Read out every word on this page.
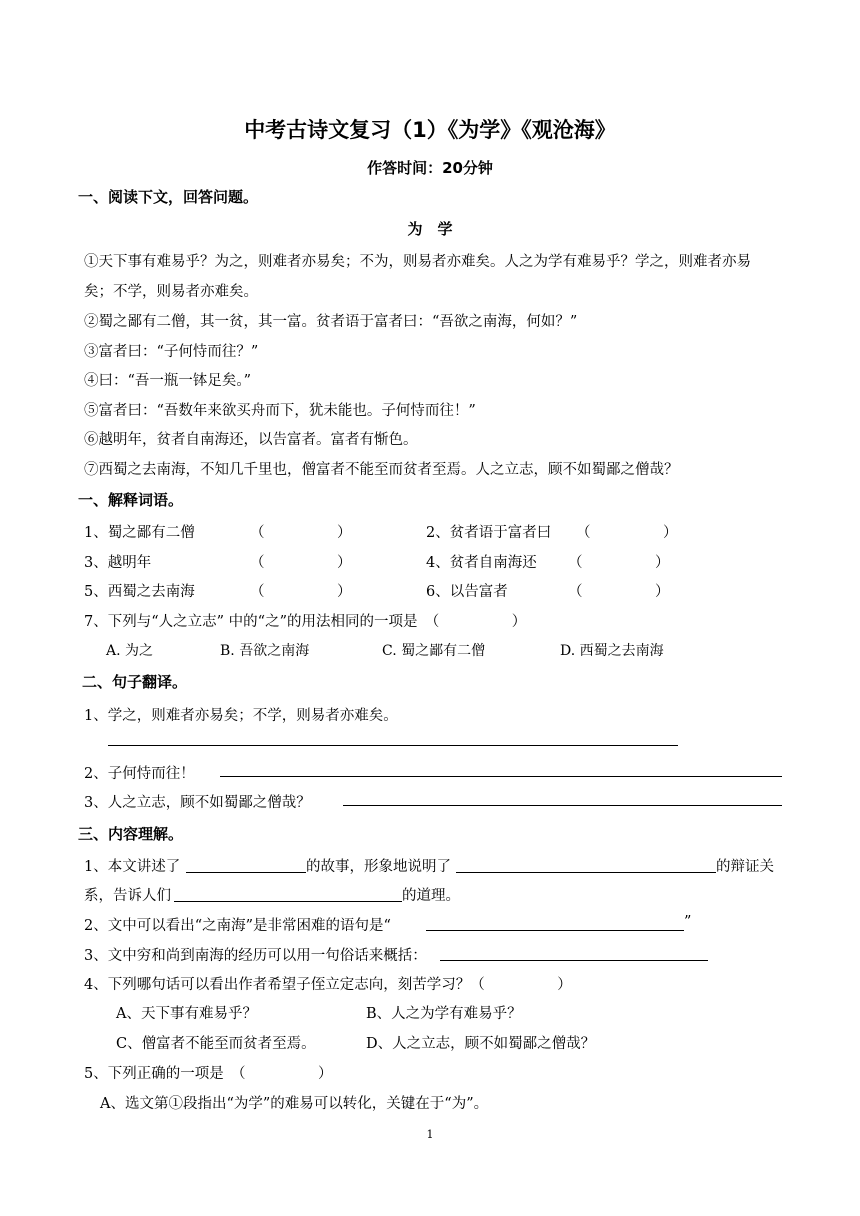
中考古诗文复习（1）《为学》《观沧海》
作答时间：20分钟
一、阅读下文，回答问题。
为　学
①天下事有难易乎？为之，则难者亦易矣；不为，则易者亦难矣。人之为学有难易乎？学之，则难者亦易
矣；不学，则易者亦难矣。
②蜀之鄙有二僧，其一贫，其一富。贫者语于富者曰：“吾欲之南海，何如？”
③富者曰：“子何恃而往？”
④曰：“吾一瓶一钵足矣。”
⑤富者曰：“吾数年来欲买舟而下，犹未能也。子何恃而往！”
⑥越明年，贫者自南海还，以告富者。富者有惭色。
⑦西蜀之去南海，不知几千里也，僧富者不能至而贫者至焉。人之立志，顾不如蜀鄙之僧哉？
一、解释词语。
1、蜀之鄙有二僧	（　　　　　）	2、贫者语于富者曰 （　　　　　）
3、越明年	（　　　　　）	4、贫者自南海还 （　　　　　）
5、西蜀之去南海	（　　　　　）	6、以告富者	（　　　　　）
7、下列与“人之立志” 中的“之”的用法相同的一项是　（　　　　　）
A. 为之	B. 吾欲之南海	C. 蜀之鄙有二僧	D. 西蜀之去南海
二、句子翻译。
1、学之，则难者亦易矣；不学，则易者亦难矣。
2、子何恃而往！
3、人之立志，顾不如蜀鄙之僧哉？
三、内容理解。
1、本文讲述了	的故事，形象地说明了	的辩证关
系，告诉人们	的道理。
2、文中可以看出“之南海”是非常困难的语句是“	”
3、文中穷和尚到南海的经历可以用一句俗话来概括：
4、下列哪句话可以看出作者希望子侄立定志向，刻苦学习？（　　　　　）
A、天下事有难易乎？	B、人之为学有难易乎？
C、僧富者不能至而贫者至焉。	D、人之立志，顾不如蜀鄙之僧哉？
5、下列正确的一项是　（　　　　　）
A、选文第①段指出“为学”的难易可以转化，关键在于“为”。
1
